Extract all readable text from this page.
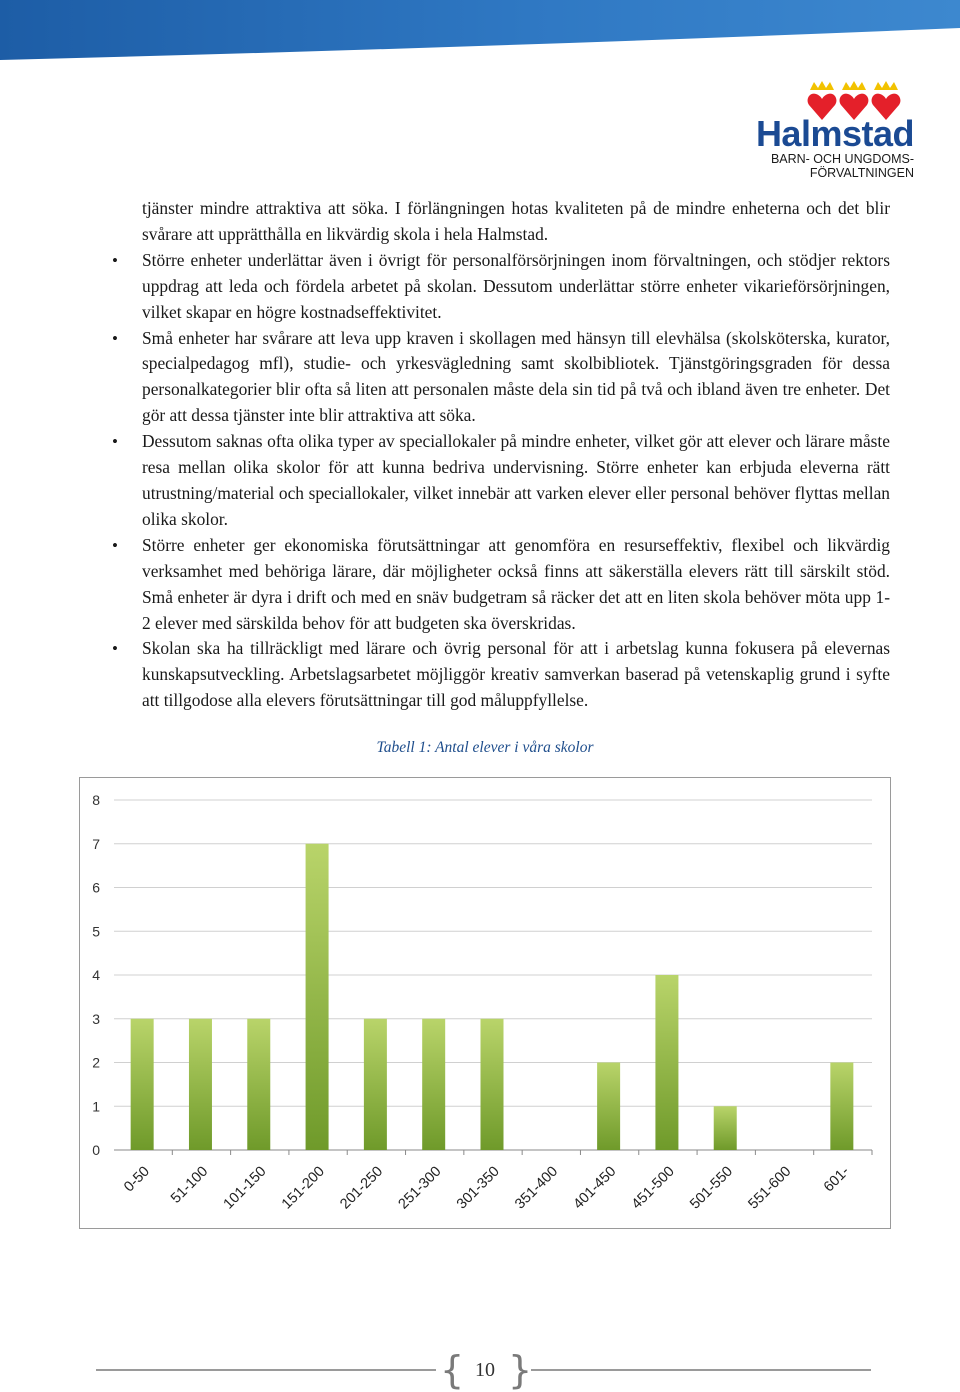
Halmstad
BARN- OCH UNGDOMS-
FÖRVALTNINGEN

tjänster mindre attraktiva att söka. I förlängningen hotas kvaliteten på de mindre enheterna och det blir svårare att upprätthålla en likvärdig skola i hela Halmstad.

• Större enheter underlättar även i övrigt för personalförsörjningen inom förvaltningen, och stödjer rektors uppdrag att leda och fördela arbetet på skolan. Dessutom underlättar större enheter vikarieförsörjningen, vilket skapar en högre kostnadseffektivitet.
• Små enheter har svårare att leva upp kraven i skollagen med hänsyn till elevhälsa (skolsköterska, kurator, specialpedagog mfl), studie- och yrkesvägledning samt skolbibliotek. Tjänstgöringsgraden för dessa personalkategorier blir ofta så liten att personalen måste dela sin tid på två och ibland även tre enheter. Det gör att dessa tjänster inte blir attraktiva att söka.
• Dessutom saknas ofta olika typer av speciallokaler på mindre enheter, vilket gör att elever och lärare måste resa mellan olika skolor för att kunna bedriva undervisning. Större enheter kan erbjuda eleverna rätt utrustning/material och speciallokaler, vilket innebär att varken elever eller personal behöver flyttas mellan olika skolor.
• Större enheter ger ekonomiska förutsättningar att genomföra en resurseffektiv, flexibel och likvärdig verksamhet med behöriga lärare, där möjligheter också finns att säkerställa elevers rätt till särskilt stöd. Små enheter är dyra i drift och med en snäv budgetram så räcker det att en liten skola behöver möta upp 1-2 elever med särskilda behov för att budgeten ska överskridas.
• Skolan ska ha tillräckligt med lärare och övrig personal för att i arbetslag kunna fokusera på elevernas kunskapsutveckling. Arbetslagsarbetet möjliggör kreativ samverkan baserad på vetenskaplig grund i syfte att tillgodose alla elevers förutsättningar till god måluppfyllelse.
Tabell 1: Antal elever i våra skolor
0
1
2
3
4
5
6
7
8
0-50 51-100 101-150 151-200 201-250 251-300 301-350 351-400 401-450 451-500 501-550 551-600 601-
{ }
10
